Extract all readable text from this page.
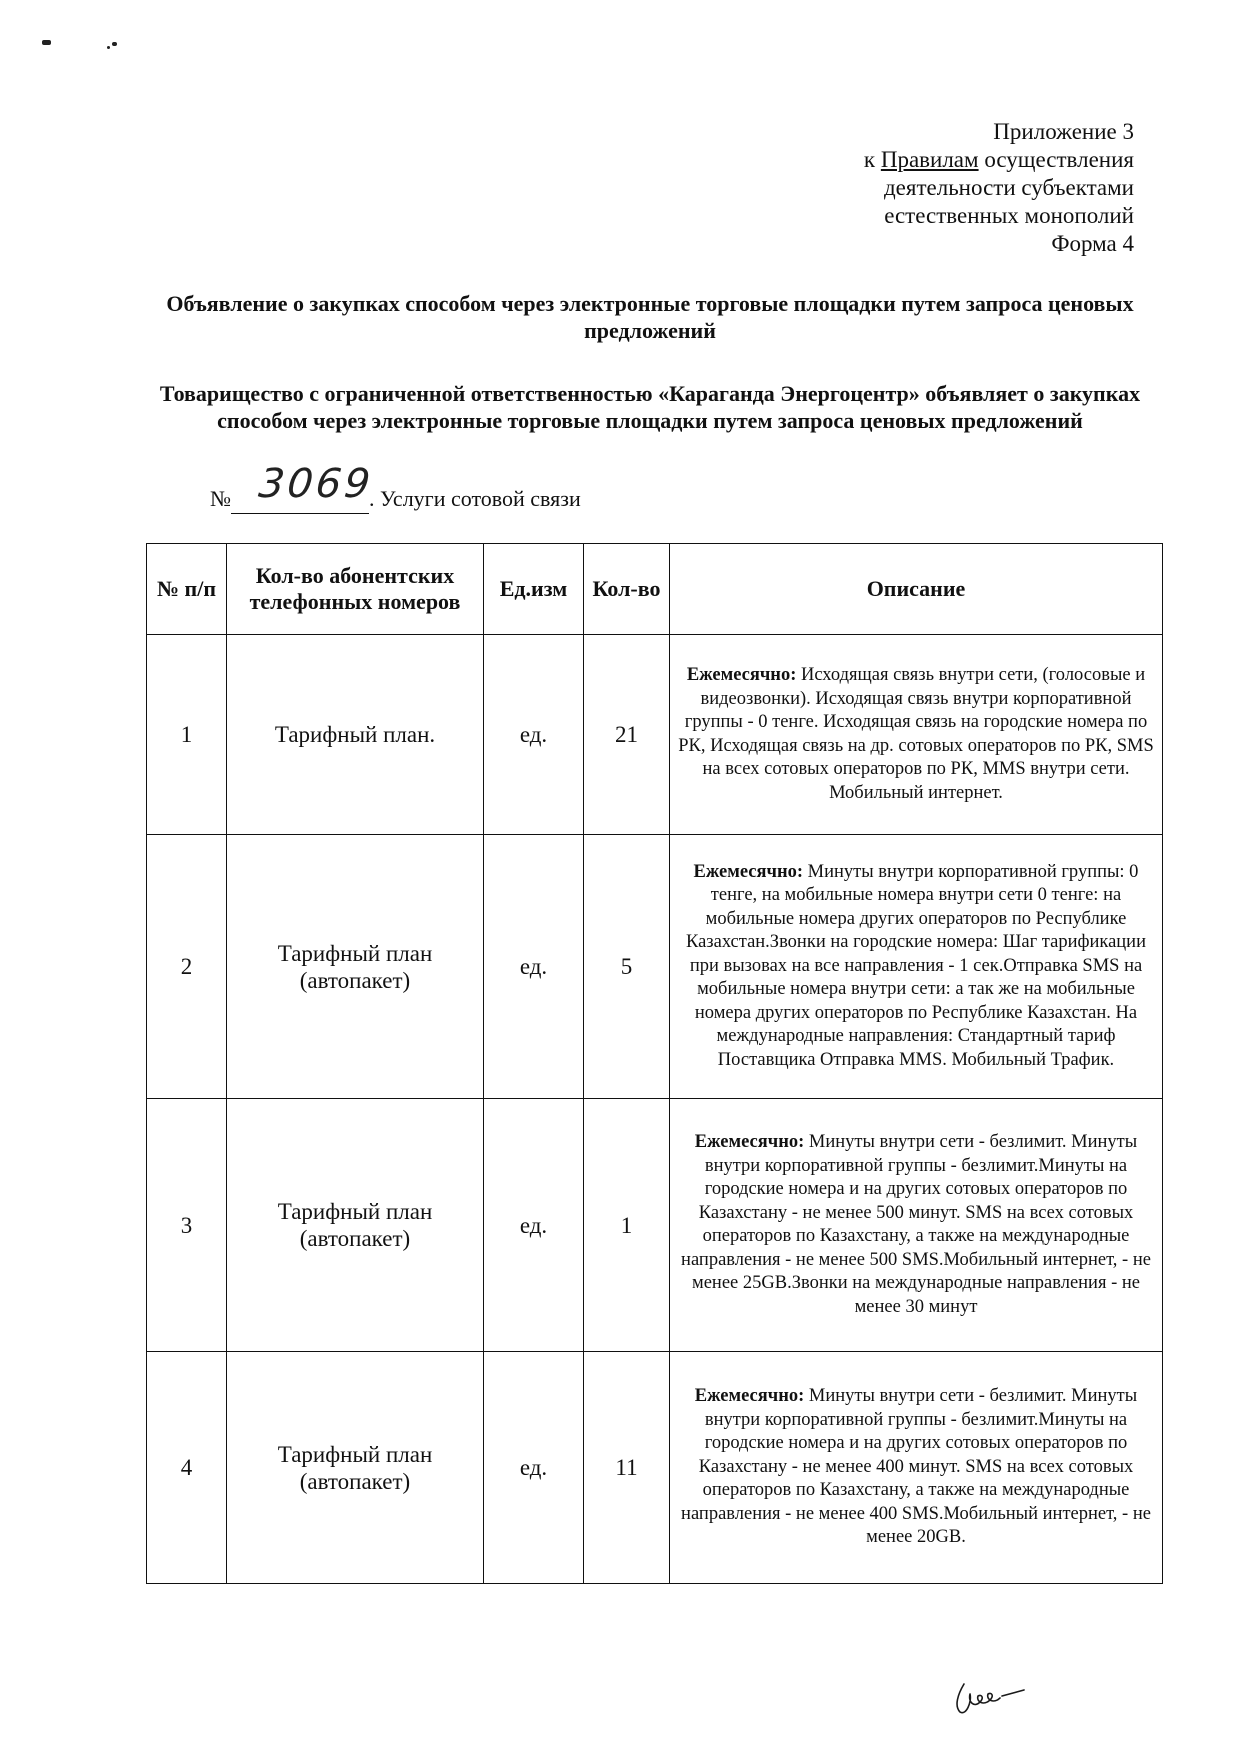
Приложение 3
к Правилам осуществления
деятельности субъектами
естественных монополий
Форма 4
Объявление о закупках способом через электронные торговые площадки путем запроса ценовых предложений
Товарищество с ограниченной ответственностью «Караганда Энергоцентр» объявляет о закупках способом через электронные торговые площадки путем запроса ценовых предложений
№ 3069
. Услуги сотовой связи
№ п/п	Кол-во абонентских телефонных номеров	Ед.изм	Кол-во	Описание
1	Тарифный план.	ед.	21	Ежемесячно: Исходящая связь внутри сети, (голосовые и видеозвонки). Исходящая связь внутри корпоративной группы - 0 тенге. Исходящая связь на городские номера по РК, Исходящая связь на др. сотовых операторов по РК, SMS на всех сотовых операторов по РК, MMS внутри сети. Мобильный интернет.
2	Тарифный план (автопакет)	ед.	5	Ежемесячно: Минуты внутри корпоративной группы: 0 тенге, на мобильные номера внутри сети 0 тенге: на мобильные номера других операторов по Республике Казахстан.Звонки на городские номера: Шаг тарификации при вызовах на все направления - 1 сек.Отправка SMS на мобильные номера внутри сети: а так же на мобильные номера других операторов по Республике Казахстан. На международные направления: Стандартный тариф Поставщика Отправка MMS. Мобильный Трафик.
3	Тарифный план (автопакет)	ед.	1	Ежемесячно: Минуты внутри сети - безлимит. Минуты внутри корпоративной группы - безлимит.Минуты на городские номера и на других сотовых операторов по Казахстану - не менее 500 минут. SMS на всех сотовых операторов по Казахстану, а также на международные направления - не менее 500 SMS.Мобильный интернет, - не менее 25GB.Звонки на международные направления - не менее 30 минут
4	Тарифный план (автопакет)	ед.	11	Ежемесячно: Минуты внутри сети - безлимит. Минуты внутри корпоративной группы - безлимит.Минуты на городские номера и на других сотовых операторов по Казахстану - не менее 400 минут. SMS на всех сотовых операторов по Казахстану, а также на международные направления - не менее 400 SMS.Мобильный интернет, - не менее 20GB.
